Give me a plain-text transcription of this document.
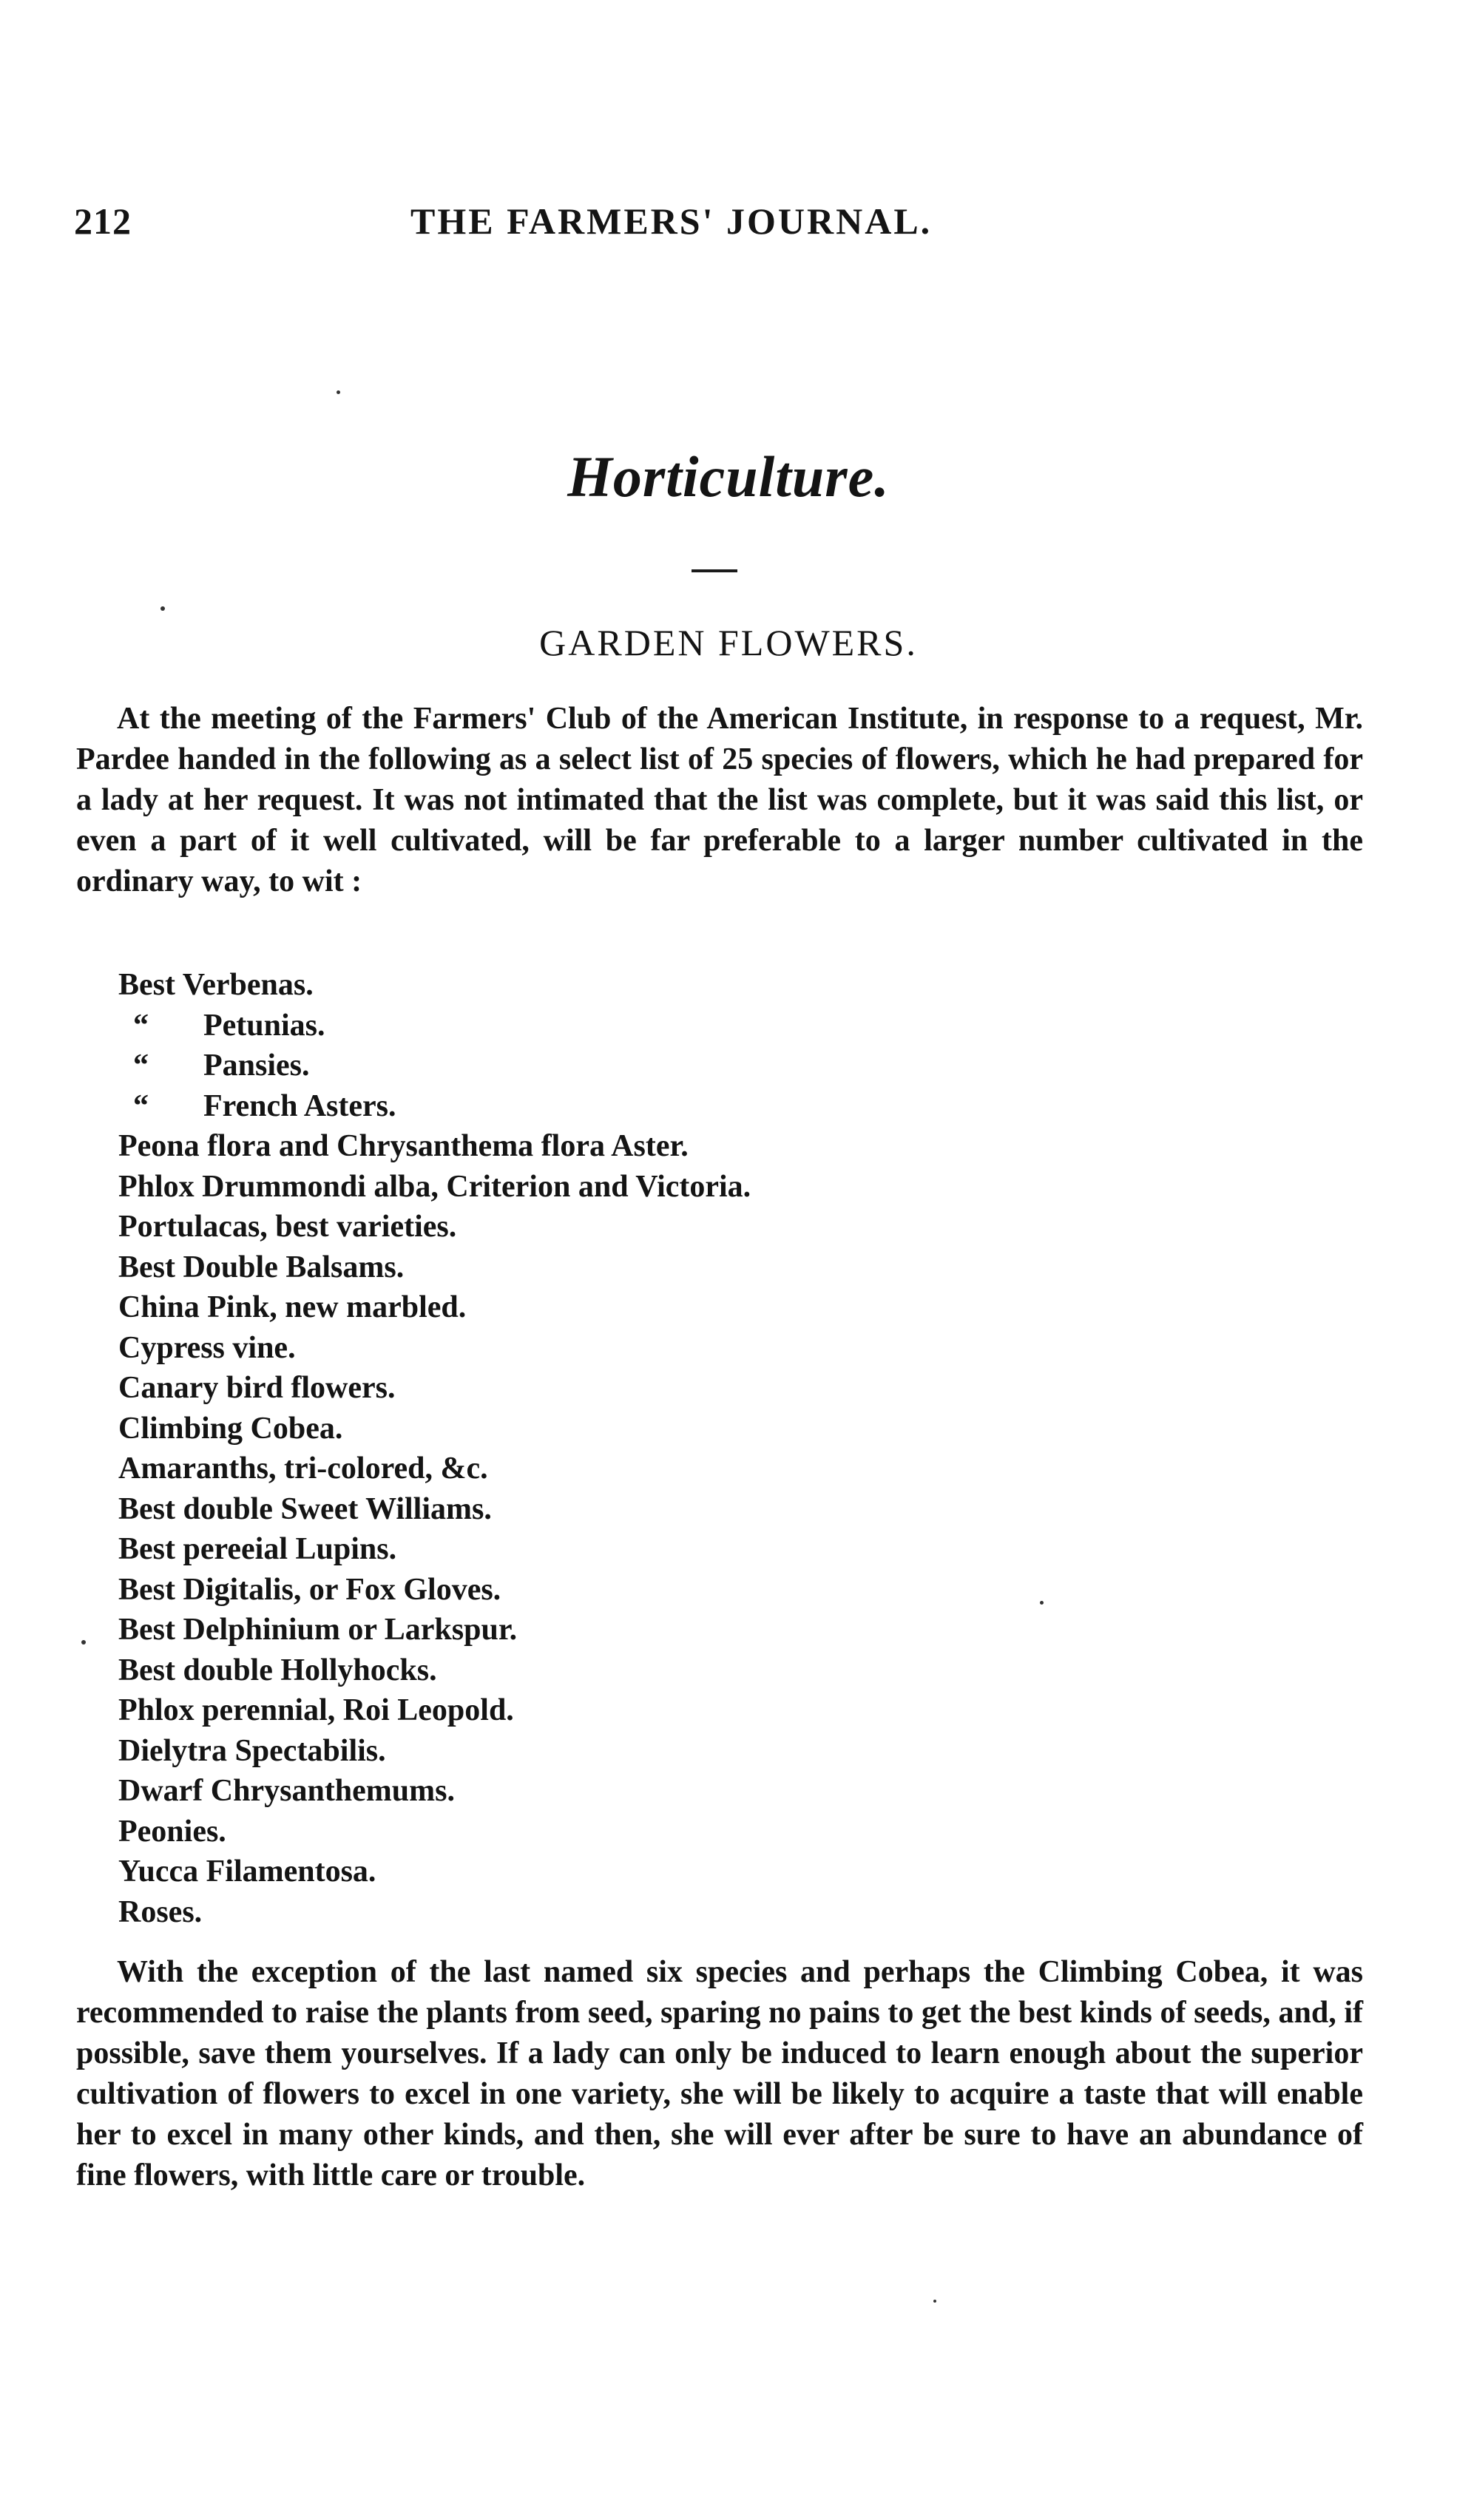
212	THE FARMERS' JOURNAL.
Horticulture.
GARDEN FLOWERS.

At the meeting of the Farmers' Club of the American Institute, in response to a request, Mr. Pardee handed in the following as a select list of 25 species of flowers, which he had prepared for a lady at her request. It was not intimated that the list was complete, but it was said this list, or even a part of it well cultivated, will be far preferable to a larger number cultivated in the ordinary way, to wit :

Best Verbenas.
“ Petunias.
“ Pansies.
“ French Asters.
Peona flora and Chrysanthema flora Aster.
Phlox Drummondi alba, Criterion and Victoria.
Portulacas, best varieties.
Best Double Balsams.
China Pink, new marbled.
Cypress vine.
Canary bird flowers.
Climbing Cobea.
Amaranths, tri-colored, &c.
Best double Sweet Williams.
Best pereeial Lupins.
Best Digitalis, or Fox Gloves.
Best Delphinium or Larkspur.
Best double Hollyhocks.
Phlox perennial, Roi Leopold.
Dielytra Spectabilis.
Dwarf Chrysanthemums.
Peonies.
Yucca Filamentosa.
Roses.

With the exception of the last named six species and perhaps the Climbing Cobea, it was recommended to raise the plants from seed, sparing no pains to get the best kinds of seeds, and, if possible, save them yourselves. If a lady can only be induced to learn enough about the superior cultivation of flowers to excel in one variety, she will be likely to acquire a taste that will enable her to excel in many other kinds, and then, she will ever after be sure to have an abundance of fine flowers, with little care or trouble.
